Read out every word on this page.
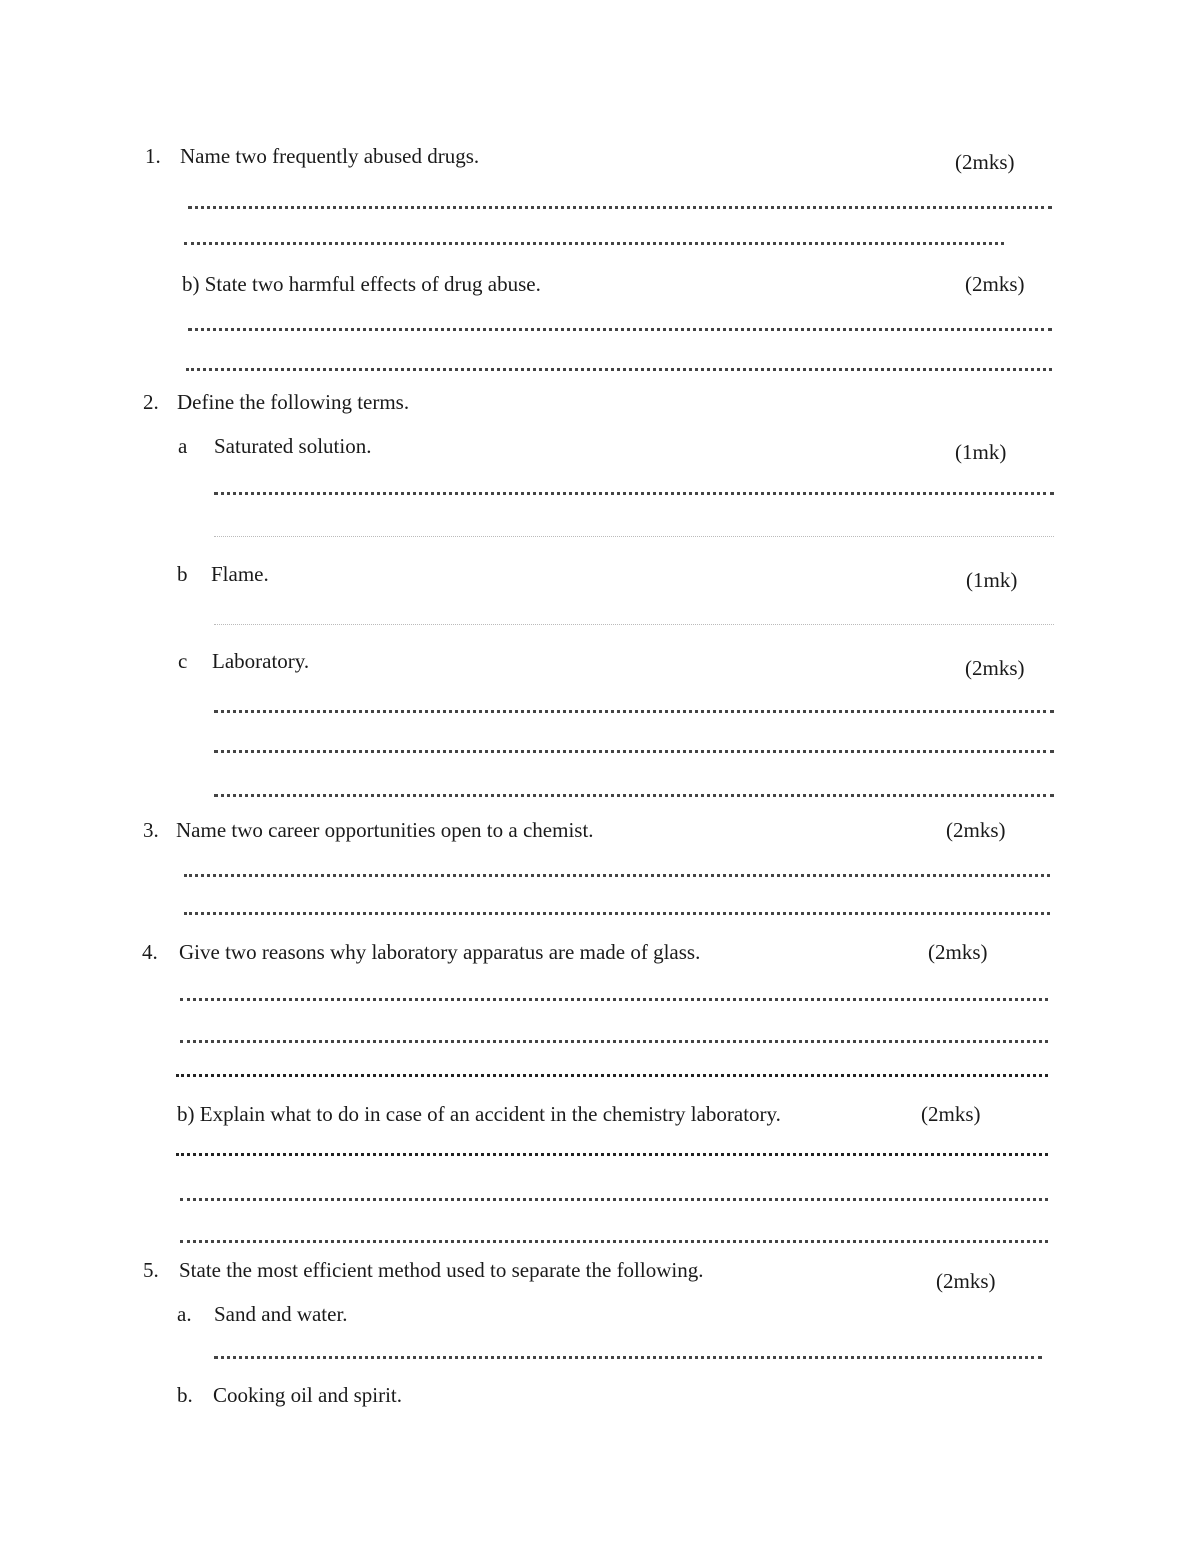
1. Name two frequently abused drugs.	(2mks)
b) State two harmful effects of drug abuse.	(2mks)
2. Define the following terms.
a Saturated solution.	(1mk)
b Flame.	(1mk)
c Laboratory.	(2mks)
3. Name two career opportunities open to a chemist.	(2mks)
4. Give two reasons why laboratory apparatus are made of glass.	(2mks)
b) Explain what to do in case of an accident in the chemistry laboratory.	(2mks)
5. State the most efficient method used to separate the following.	(2mks)
a. Sand and water.
b. Cooking oil and spirit.
